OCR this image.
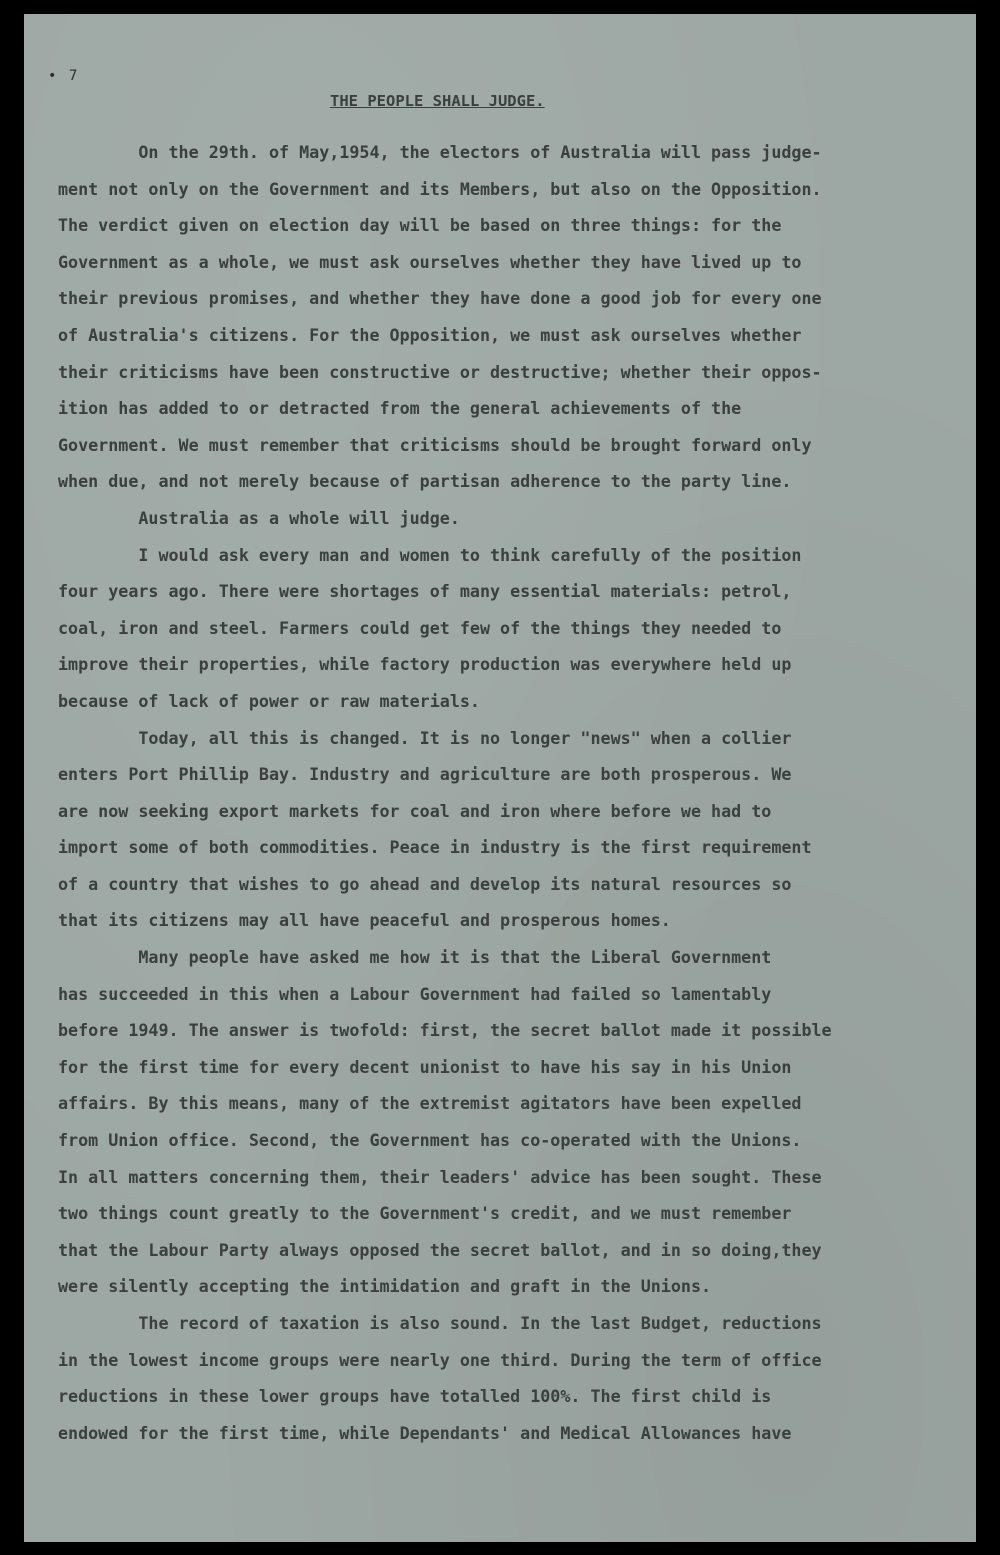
• 7
THE PEOPLE SHALL JUDGE.
On the 29th. of May,1954, the electors of Australia will pass judge-
ment not only on the Government and its Members, but also on the Opposition.
The verdict given on election day will be based on three things: for the
Government as a whole, we must ask ourselves whether they have lived up to
their previous promises, and whether they have done a good job for every one
of Australia's citizens. For the Opposition, we must ask ourselves whether
their criticisms have been constructive or destructive; whether their oppos-
ition has added to or detracted from the general achievements of the
Government. We must remember that criticisms should be brought forward only
when due, and not merely because of partisan adherence to the party line.
Australia as a whole will judge.
I would ask every man and women to think carefully of the position
four years ago. There were shortages of many essential materials: petrol,
coal, iron and steel. Farmers could get few of the things they needed to
improve their properties, while factory production was everywhere held up
because of lack of power or raw materials.
Today, all this is changed. It is no longer "news" when a collier
enters Port Phillip Bay. Industry and agriculture are both prosperous. We
are now seeking export markets for coal and iron where before we had to
import some of both commodities. Peace in industry is the first requirement
of a country that wishes to go ahead and develop its natural resources so
that its citizens may all have peaceful and prosperous homes.
Many people have asked me how it is that the Liberal Government
has succeeded in this when a Labour Government had failed so lamentably
before 1949. The answer is twofold: first, the secret ballot made it possible
for the first time for every decent unionist to have his say in his Union
affairs. By this means, many of the extremist agitators have been expelled
from Union office. Second, the Government has co-operated with the Unions.
In all matters concerning them, their leaders' advice has been sought. These
two things count greatly to the Government's credit, and we must remember
that the Labour Party always opposed the secret ballot, and in so doing,they
were silently accepting the intimidation and graft in the Unions.
The record of taxation is also sound. In the last Budget, reductions
in the lowest income groups were nearly one third. During the term of office
reductions in these lower groups have totalled 100%. The first child is
endowed for the first time, while Dependants' and Medical Allowances have
